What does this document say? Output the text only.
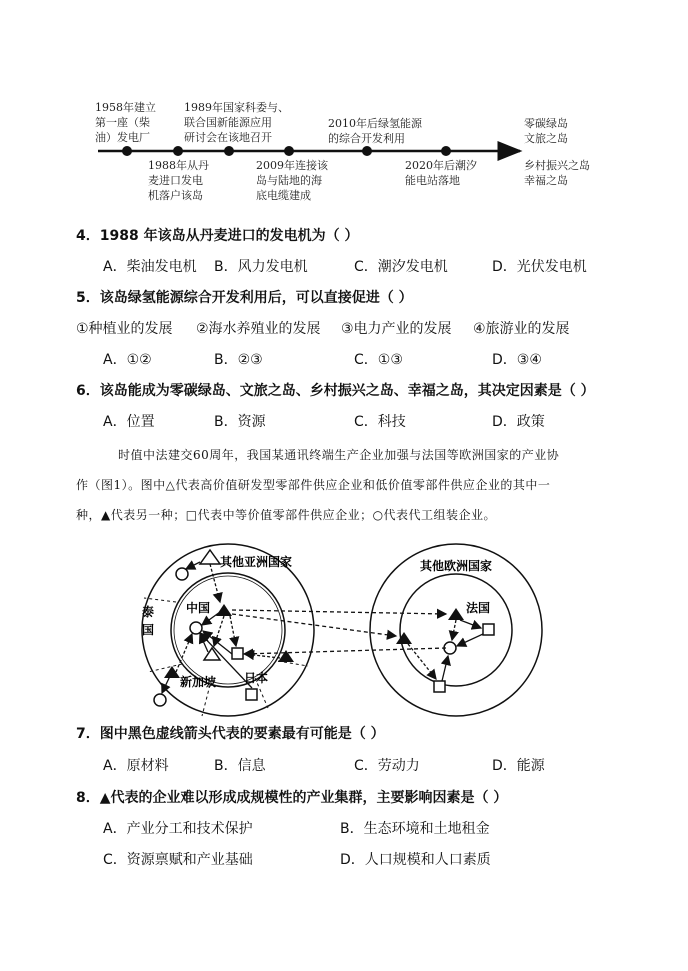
1958年建立
第一座（柴
油）发电厂
1989年国家科委与、
联合国新能源应用
研讨会在该地召开
2010年后绿氢能源
的综合开发利用
零碳绿岛
文旅之岛
1988年从丹
麦进口发电
机落户该岛
2009年连接该
岛与陆地的海
底电缆建成
2020年后潮汐
能电站落地
乡村振兴之岛
幸福之岛
4．1988 年该岛从丹麦进口的发电机为（ ）
A．柴油发电机 B．风力发电机	C．潮汐发电机	D．光伏发电机
5．该岛绿氢能源综合开发利用后，可以直接促进（ ）
①种植业的发展 ②海水养殖业的发展 ③电力产业的发展 ④旅游业的发展
A．①②	B．②③	C．①③	D．③④
6．该岛能成为零碳绿岛、文旅之岛、乡村振兴之岛、幸福之岛，其决定因素是（ ）
A．位置	B．资源	C．科技	D．政策
时值中法建交60周年，我国某通讯终端生产企业加强与法国等欧洲国家的产业协
作（图1）。图中△代表高价值研发型零部件供应企业和低价值零部件供应企业的其中一
种，▲代表另一种；□代表中等价值零部件供应企业；○代表代工组装企业。
其他亚洲国家
中国
泰
国
新加坡 日本
其他欧洲国家
法国
7．图中黑色虚线箭头代表的要素最有可能是（ ）
A．原材料	B．信息	C．劳动力	D．能源
8．▲代表的企业难以形成成规模性的产业集群，主要影响因素是（ ）
A．产业分工和技术保护	B．生态环境和土地租金
C．资源禀赋和产业基础	D．人口规模和人口素质
